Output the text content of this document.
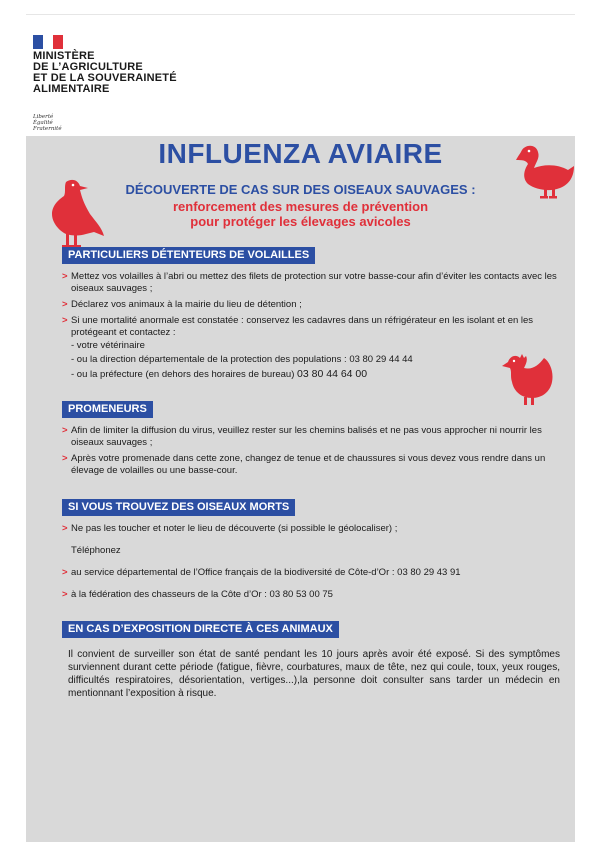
MINISTÈRE
DE L’AGRICULTURE
ET DE LA SOUVERAINETÉ
ALIMENTAIRE
Liberté
Égalité
Fraternité
INFLUENZA AVIAIRE
DÉCOUVERTE DE CAS SUR DES OISEAUX SAUVAGES :
renforcement des mesures de prévention
pour protéger les élevages avicoles
PARTICULIERS DÉTENTEURS DE VOLAILLES

> Mettez vos volailles à l’abri ou mettez des filets de protection sur votre basse-cour afin d’éviter les contacts avec les oiseaux sauvages ;

> Déclarez vos animaux à la mairie du lieu de détention ;

> Si une mortalité anormale est constatée : conservez les cadavres dans un réfrigérateur en les isolant et en les protégeant et contactez :

- votre vétérinaire
- ou la direction départementale de la protection des populations : 03 80 29 44 44
- ou la préfecture (en dehors des horaires de bureau) 03 80 44 64 00
PROMENEURS

> Afin de limiter la diffusion du virus, veuillez rester sur les chemins balisés et ne pas vous approcher ni nourrir les oiseaux sauvages ;

> Après votre promenade dans cette zone, changez de tenue et de chaussures si vous devez vous rendre dans un élevage de volailles ou une basse-cour.

SI VOUS TROUVEZ DES OISEAUX MORTS

> Ne pas les toucher et noter le lieu de découverte (si possible le géolocaliser) ;

Téléphonez

> au service départemental de l’Office français de la biodiversité de Côte-d’Or : 03 80 29 43 91

> à la fédération des chasseurs de la Côte d’Or : 03 80 53 00 75

EN CAS D’EXPOSITION DIRECTE À CES ANIMAUX
Il convient de surveiller son état de santé pendant les 10 jours après avoir été exposé. Si des symptômes surviennent durant cette période (fatigue, fièvre, courbatures, maux de tête, nez qui coule, toux, yeux rouges, difficultés respiratoires, désorientation, vertiges...),la personne doit consulter sans tarder un médecin en mentionnant l’exposition à risque.
